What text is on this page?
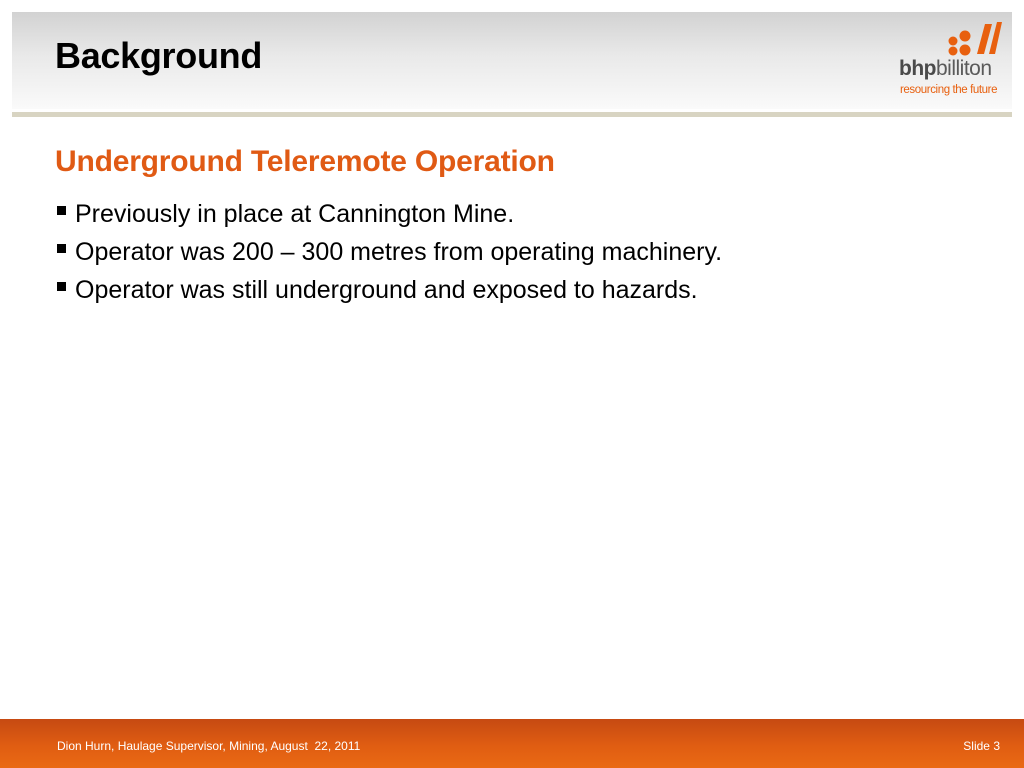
Background	bhpbilliton
resourcing the future
Underground Teleremote Operation
Previously in place at Cannington Mine.
Operator was 200 – 300 metres from operating machinery.
Operator was still underground and exposed to hazards.
Dion Hurn, Haulage Supervisor, Mining, August  22, 2011	Slide 3
